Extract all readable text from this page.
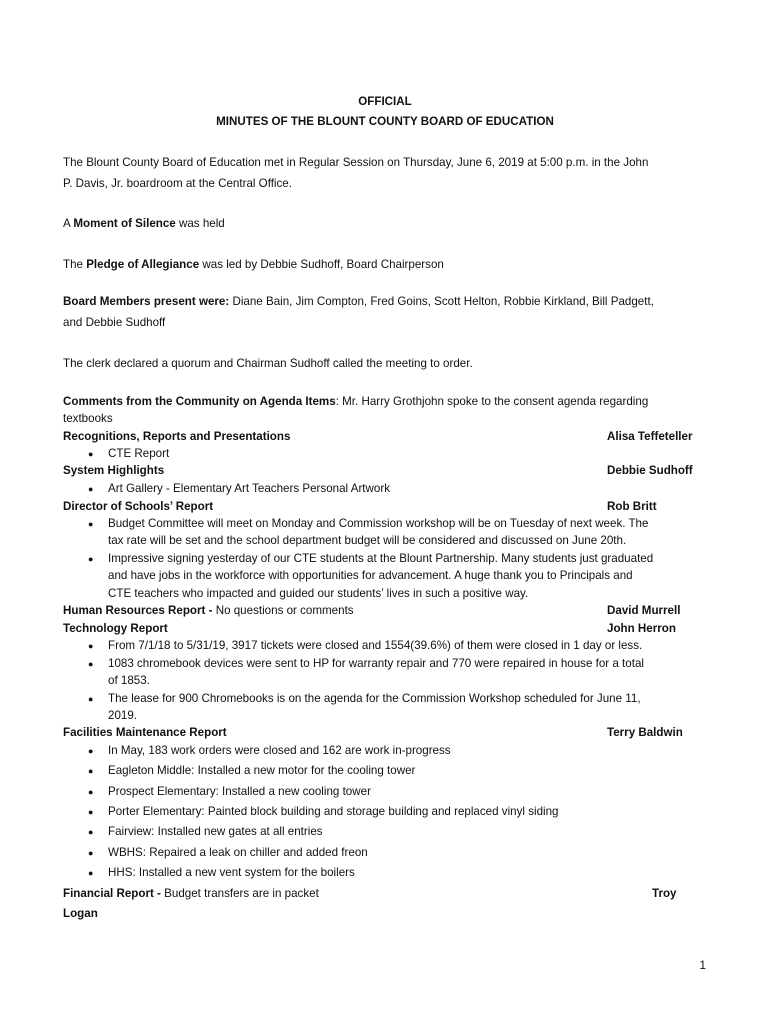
OFFICIAL
MINUTES OF THE BLOUNT COUNTY BOARD OF EDUCATION
The Blount County Board of Education met in Regular Session on Thursday, June 6, 2019 at 5:00 p.m. in the John
P. Davis, Jr. boardroom at the Central Office.
A Moment of Silence was held
The Pledge of Allegiance was led by Debbie Sudhoff, Board Chairperson
Board Members present were: Diane Bain, Jim Compton, Fred Goins, Scott Helton, Robbie Kirkland, Bill Padgett,
and Debbie Sudhoff
The clerk declared a quorum and Chairman Sudhoff called the meeting to order.
Comments from the Community on Agenda Items: Mr. Harry Grothjohn spoke to the consent agenda regarding
textbooks
Recognitions, Reports and Presentations	Alisa Teffeteller
● CTE Report
System Highlights	Debbie Sudhoff
● Art Gallery - Elementary Art Teachers Personal Artwork
Director of Schools’ Report	Rob Britt
● Budget Committee will meet on Monday and Commission workshop will be on Tuesday of next week. The
tax rate will be set and the school department budget will be considered and discussed on June 20th.
● Impressive signing yesterday of our CTE students at the Blount Partnership. Many students just graduated
and have jobs in the workforce with opportunities for advancement. A huge thank you to Principals and
CTE teachers who impacted and guided our students’ lives in such a positive way.
Human Resources Report - No questions or comments	David Murrell
Technology Report	John Herron
● From 7/1/18 to 5/31/19, 3917 tickets were closed and 1554(39.6%) of them were closed in 1 day or less.
● 1083 chromebook devices were sent to HP for warranty repair and 770 were repaired in house for a total
of 1853.
● The lease for 900 Chromebooks is on the agenda for the Commission Workshop scheduled for June 11,
2019.
Facilities Maintenance Report	Terry Baldwin
● In May, 183 work orders were closed and 162 are work in-progress
● Eagleton Middle: Installed a new motor for the cooling tower
● Prospect Elementary: Installed a new cooling tower
● Porter Elementary: Painted block building and storage building and replaced vinyl siding
● Fairview: Installed new gates at all entries
● WBHS: Repaired a leak on chiller and added freon
● HHS: Installed a new vent system for the boilers
Financial Report - Budget transfers are in packet	Troy
Logan
1
